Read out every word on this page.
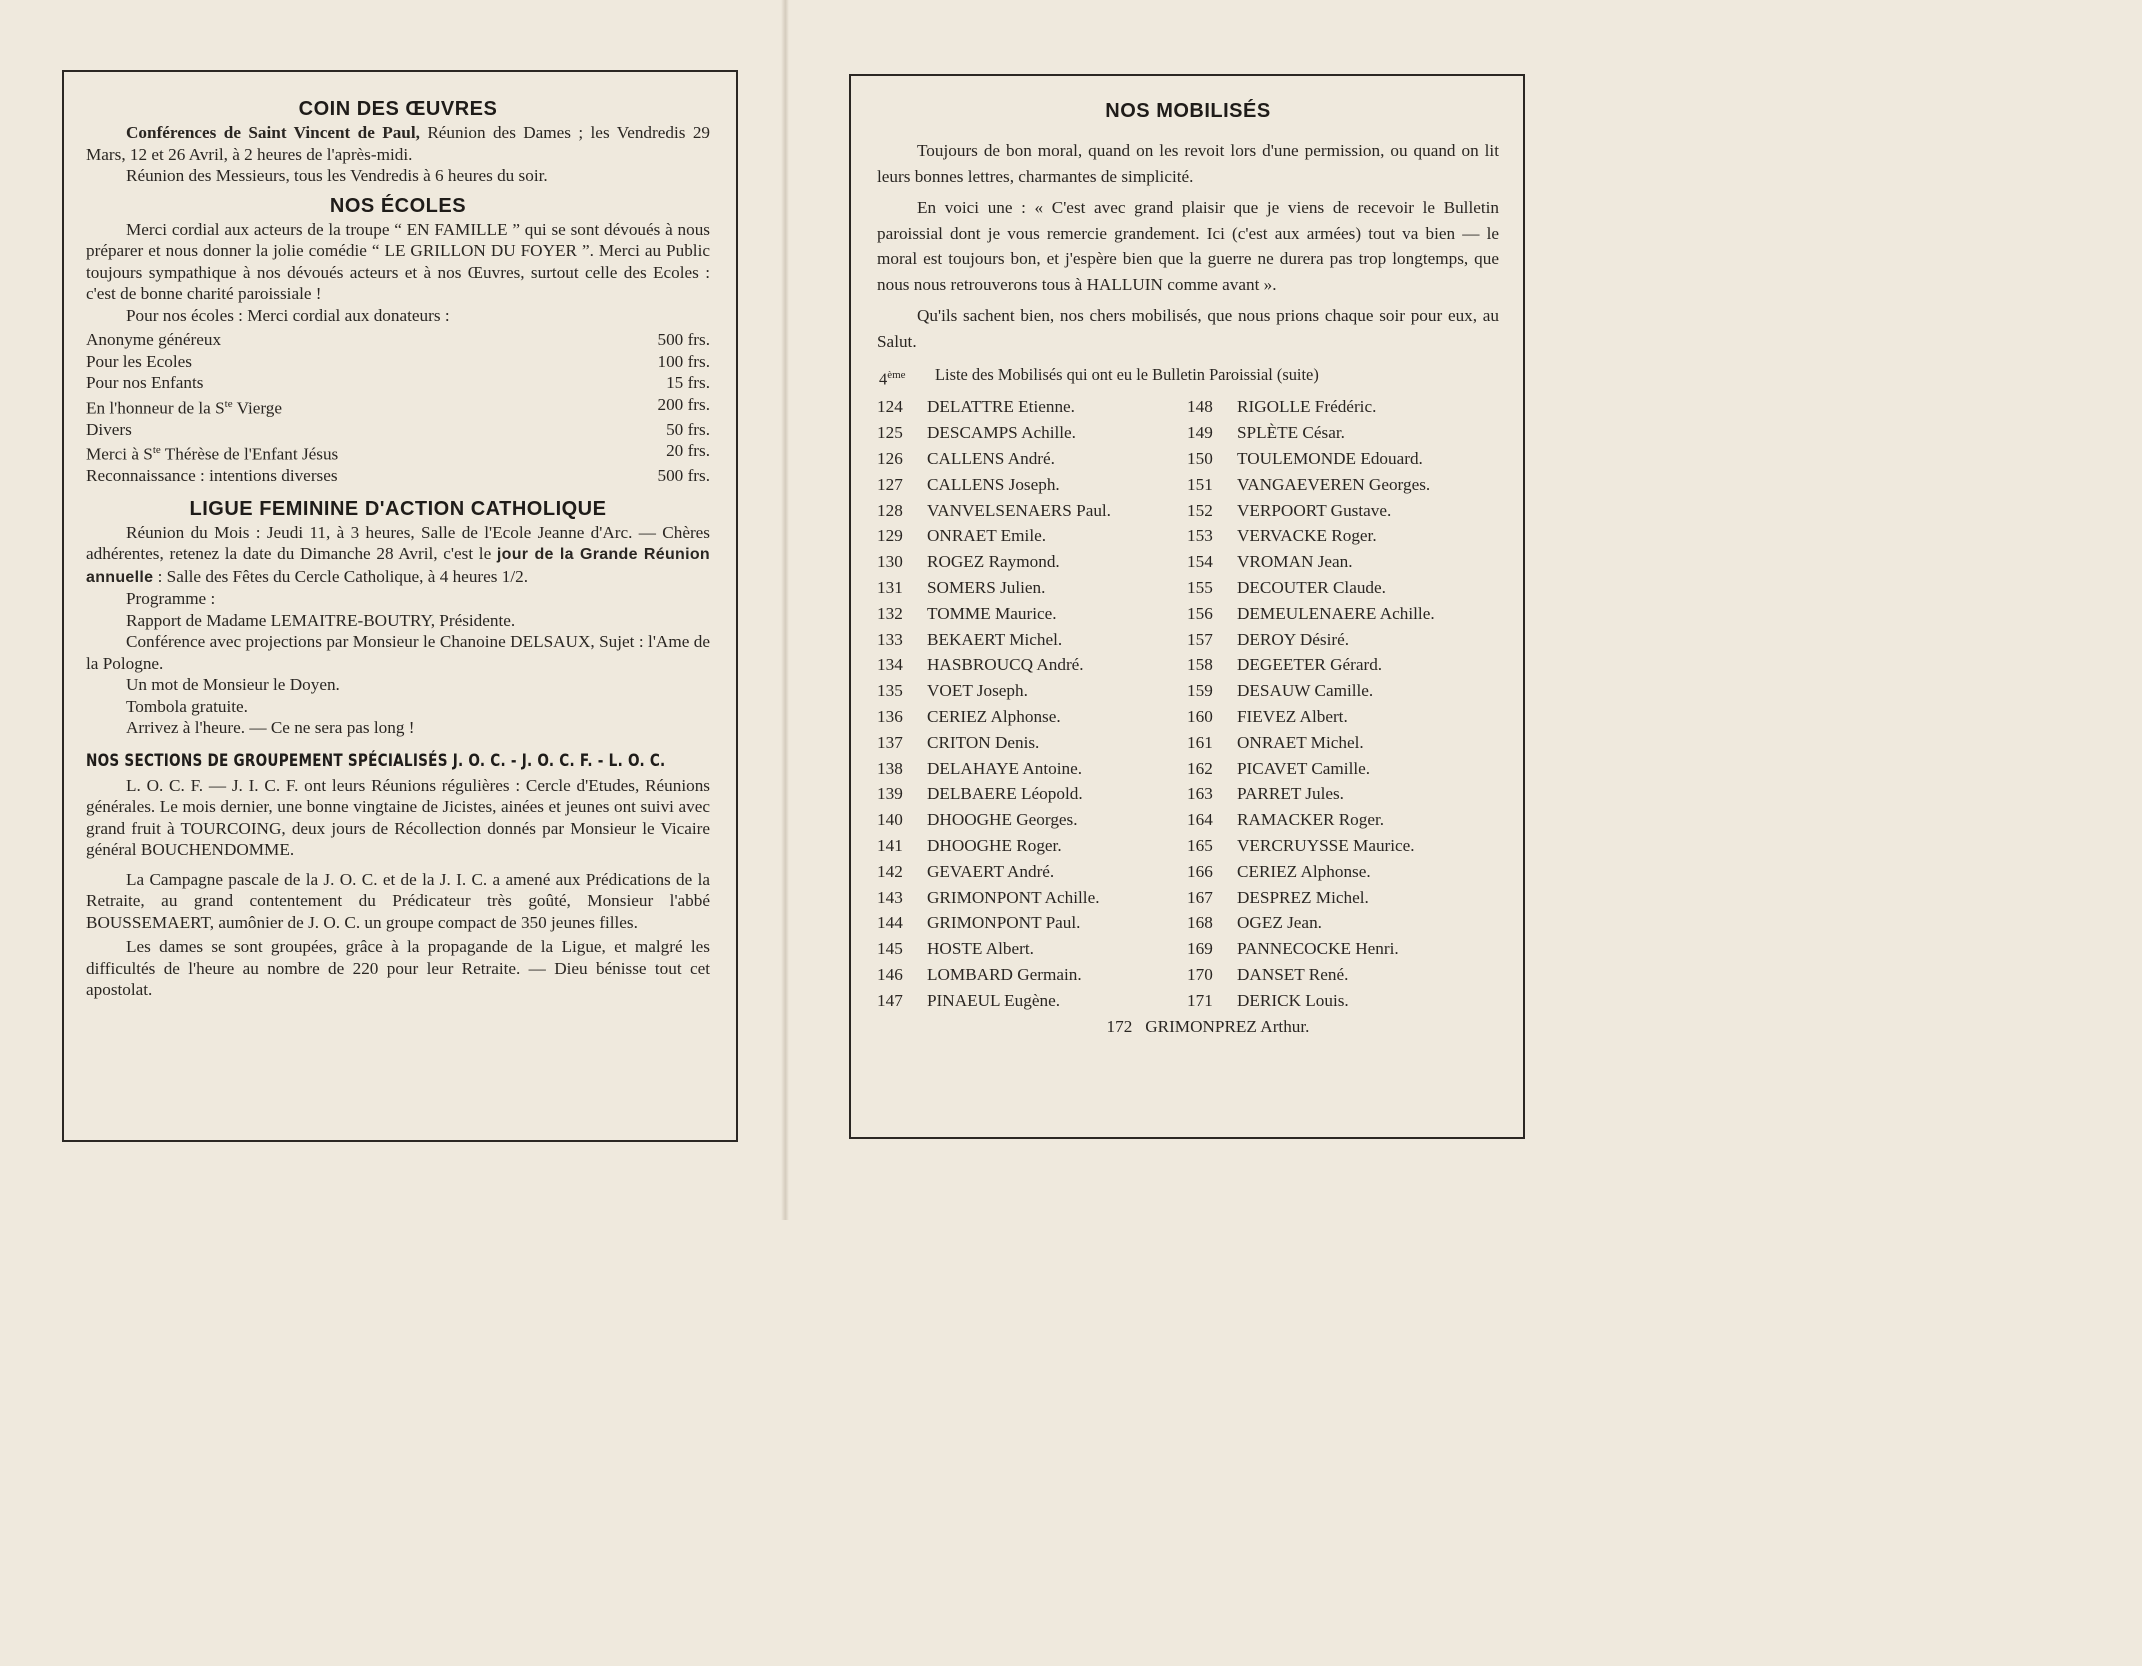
COIN DES ŒUVRES

Conférences de Saint Vincent de Paul, Réunion des Dames ; les Vendredis 29 Mars, 12 et 26 Avril, à 2 heures de l'après-midi.

Réunion des Messieurs, tous les Vendredis à 6 heures du soir.

NOS ÉCOLES

Merci cordial aux acteurs de la troupe “ EN FAMILLE ” qui se sont dévoués à nous préparer et nous donner la jolie comédie “ LE GRILLON DU FOYER ”. Merci au Public toujours sympathique à nos dévoués acteurs et à nos Œuvres, surtout celle des Ecoles : c'est de bonne charité paroissiale !

Pour nos écoles : Merci cordial aux donateurs :

Anonyme généreux	500 frs.
Pour les Ecoles	100 frs.
Pour nos Enfants	15 frs.
En l'honneur de la $S^{te}$ Vierge	200 frs.
Divers	50 frs.
Merci à $S^{te}$ Thérèse de l'Enfant Jésus	20 frs.
Reconnaissance : intentions diverses	500 frs.
LIGUE FEMININE D'ACTION CATHOLIQUE

Réunion du Mois : Jeudi 11, à 3 heures, Salle de l'Ecole Jeanne d'Arc. — Chères adhérentes, retenez la date du Dimanche 28 Avril, c'est le jour de la Grande Réunion annuelle : Salle des Fêtes du Cercle Catholique, à 4 heures 1/2.

Programme :

Rapport de Madame LEMAITRE-BOUTRY, Présidente.

Conférence avec projections par Monsieur le Chanoine DELSAUX, Sujet : l'Ame de la Pologne.

Un mot de Monsieur le Doyen.

Tombola gratuite.

Arrivez à l'heure. — Ce ne sera pas long !

NOS SECTIONS DE GROUPEMENT SPÉCIALISÉS J. O. C. - J. O. C. F. - L. O. C.

L. O. C. F. — J. I. C. F. ont leurs Réunions régulières : Cercle d'Etudes, Réunions générales. Le mois dernier, une bonne vingtaine de Jicistes, ainées et jeunes ont suivi avec grand fruit à TOURCOING, deux jours de Récollection donnés par Monsieur le Vicaire général BOUCHENDOMME.

La Campagne pascale de la J. O. C. et de la J. I. C. a amené aux Prédications de la Retraite, au grand contentement du Prédicateur très goûté, Monsieur l'abbé BOUSSEMAERT, aumônier de J. O. C. un groupe compact de 350 jeunes filles.

Les dames se sont groupées, grâce à la propagande de la Ligue, et malgré les difficultés de l'heure au nombre de 220 pour leur Retraite. — Dieu bénisse tout cet apostolat.

NOS MOBILISÉS

Toujours de bon moral, quand on les revoit lors d'une permission, ou quand on lit leurs bonnes lettres, charmantes de simplicité.

En voici une : « C'est avec grand plaisir que je viens de recevoir le Bulletin paroissial dont je vous remercie grandement. Ici (c'est aux armées) tout va bien — le moral est toujours bon, et j'espère bien que la guerre ne durera pas trop longtemps, que nous nous retrouverons tous à HALLUIN comme avant ».

Qu'ils sachent bien, nos chers mobilisés, que nous prions chaque soir pour eux, au Salut.

4ème	Liste des Mobilisés qui ont eu le Bulletin Paroissial (suite)
124	DELATTRE Etienne.
125	DESCAMPS Achille.
126	CALLENS André.
127	CALLENS Joseph.
128	VANVELSENAERS Paul.
129	ONRAET Emile.
130	ROGEZ Raymond.
131	SOMERS Julien.
132	TOMME Maurice.
133	BEKAERT Michel.
134	HASBROUCQ André.
135	VOET Joseph.
136	CERIEZ Alphonse.
137	CRITON Denis.
138	DELAHAYE Antoine.
139	DELBAERE Léopold.
140	DHOOGHE Georges.
141	DHOOGHE Roger.
142	GEVAERT André.
143	GRIMONPONT Achille.
144	GRIMONPONT Paul.
145	HOSTE Albert.
146	LOMBARD Germain.
147	PINAEUL Eugène.
148	RIGOLLE Frédéric.
149	SPLÈTE César.
150	TOULEMONDE Edouard.
151	VANGAEVEREN Georges.
152	VERPOORT Gustave.
153	VERVACKE Roger.
154	VROMAN Jean.
155	DECOUTER Claude.
156	DEMEULENAERE Achille.
157	DEROY Désiré.
158	DEGEETER Gérard.
159	DESAUW Camille.
160	FIEVEZ Albert.
161	ONRAET Michel.
162	PICAVET Camille.
163	PARRET Jules.
164	RAMACKER Roger.
165	VERCRUYSSE Maurice.
166	CERIEZ Alphonse.
167	DESPREZ Michel.
168	OGEZ Jean.
169	PANNECOCKE Henri.
170	DANSET René.
171	DERICK Louis.
172 GRIMONPREZ Arthur.
